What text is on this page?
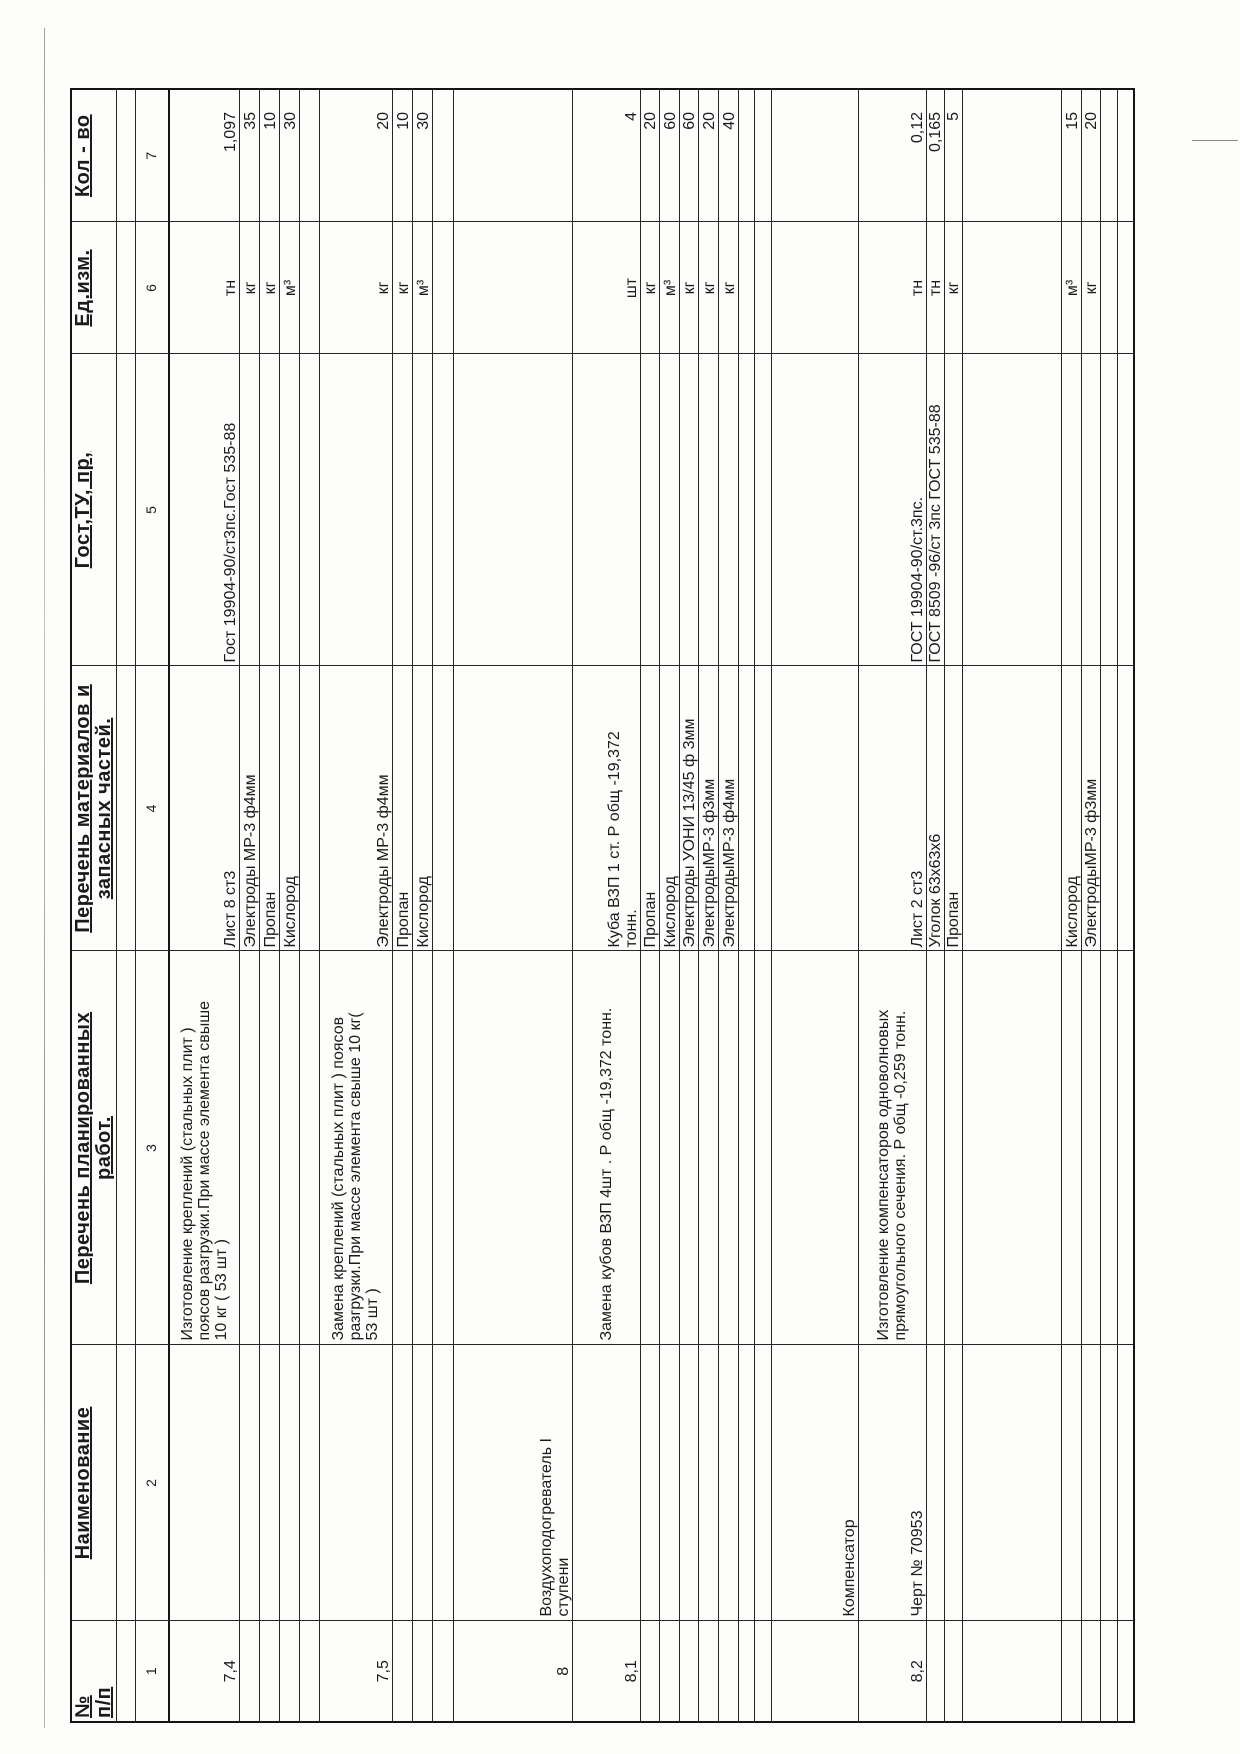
№
п/п	Наименование	Перечень планированных
работ.	Перечень материалов и
запасных частей.	Гост,ТУ, пр,	Ед.изм.	Кол - во

1	2	3	4	5	6	7
7,4		Изготовление креплений (стальных плит )
поясов разгрузки.При массе элемента свыше
10 кг ( 53 шт )	Лист 8 ст3	Гост 19904-90/ст3пс.Гост 535-88	тн	1,097
			Электроды МР-3 ф4мм		кг	35
			Пропан		кг	10
			Кислород		м³	30

7,5		Замена креплений (стальных плит ) поясов
разгрузки.При массе элемента свыше 10 кг(
53 шт )	Электроды МР-3 ф4мм		кг	20
			Пропан		кг	10
			Кислород		м³	30

8	Воздухоподогреватель I
ступени					
8,1		Замена кубов ВЗП 4шт . Р общ -19,372 тонн.	Куба ВЗП 1 ст. Р общ -19,372
тонн.		шт	4
			Пропан		кг	20
			Кислород		м³	60
			Электроды УОНИ 13/45 ф 3мм		кг	60
			ЭлектродыМР-3 ф3мм		кг	20
			ЭлектродыМР-3 ф4мм		кг	40

	Компенсатор					
8,2	Черт № 70953	Изготовление компенсаторов одноволновых
прямоугольного сечения. Р общ -0,259 тонн.	Лист 2 ст3	ГОСТ 19904-90/ст.3пс.	тн	0,12
			Уголок 63х63х6	ГОСТ 8509 -96/ст 3пс ГОСТ 535-88	тн	0,165
			Пропан		кг	5

			Кислород		м³	15
			ЭлектродыМР-3 ф3мм		кг	20
